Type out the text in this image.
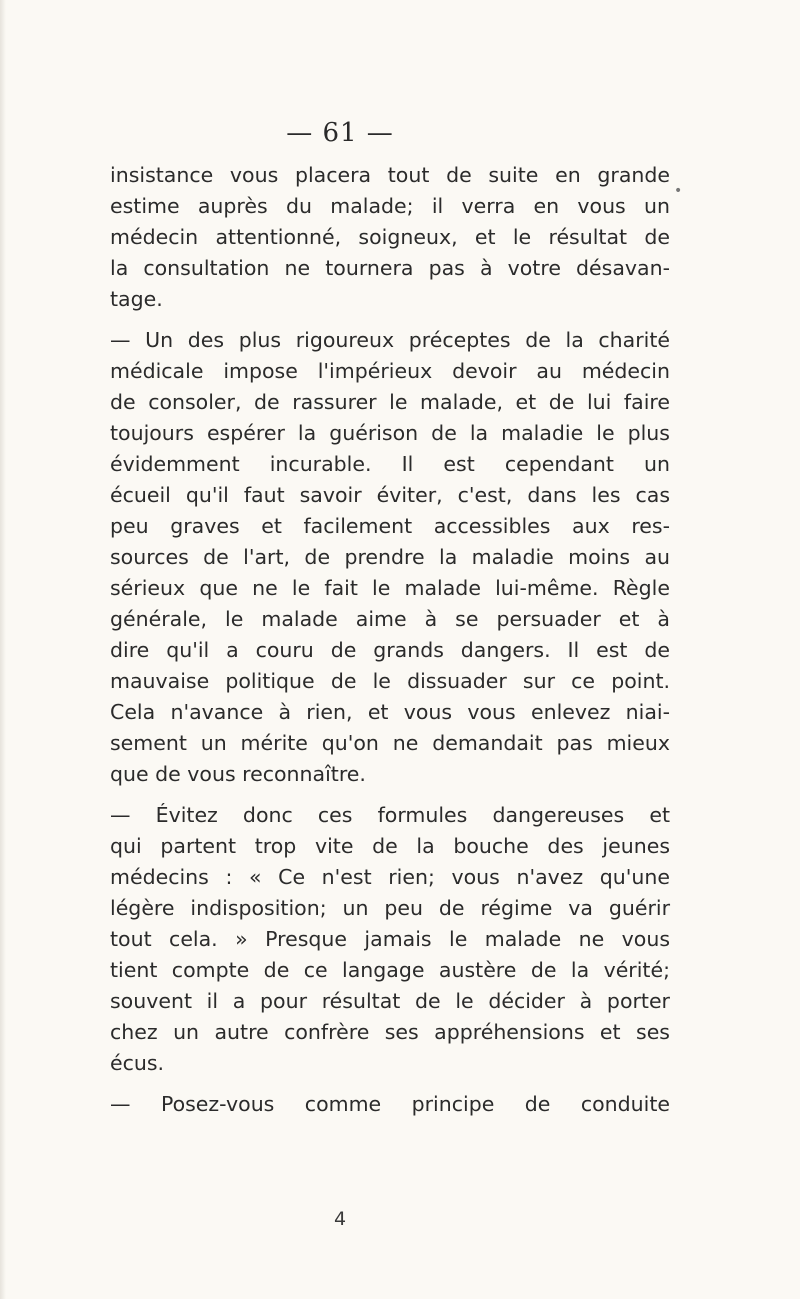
— 61 —
•
insistance vous placera tout de suite en grande
estime auprès du malade; il verra en vous un
médecin attentionné, soigneux, et le résultat de
la consultation ne tournera pas à votre désavan-
tage.
— Un des plus rigoureux préceptes de la charité
médicale impose l'impérieux devoir au médecin
de consoler, de rassurer le malade, et de lui faire
toujours espérer la guérison de la maladie le plus
évidemment incurable. Il est cependant un
écueil qu'il faut savoir éviter, c'est, dans les cas
peu graves et facilement accessibles aux res-
sources de l'art, de prendre la maladie moins au
sérieux que ne le fait le malade lui-même. Règle
générale, le malade aime à se persuader et à
dire qu'il a couru de grands dangers. Il est de
mauvaise politique de le dissuader sur ce point.
Cela n'avance à rien, et vous vous enlevez niai-
sement un mérite qu'on ne demandait pas mieux
que de vous reconnaître.
— Évitez donc ces formules dangereuses et
qui partent trop vite de la bouche des jeunes
médecins : « Ce n'est rien; vous n'avez qu'une
légère indisposition; un peu de régime va guérir
tout cela. » Presque jamais le malade ne vous
tient compte de ce langage austère de la vérité;
souvent il a pour résultat de le décider à porter
chez un autre confrère ses appréhensions et ses
écus.
— Posez-vous comme principe de conduite
4
